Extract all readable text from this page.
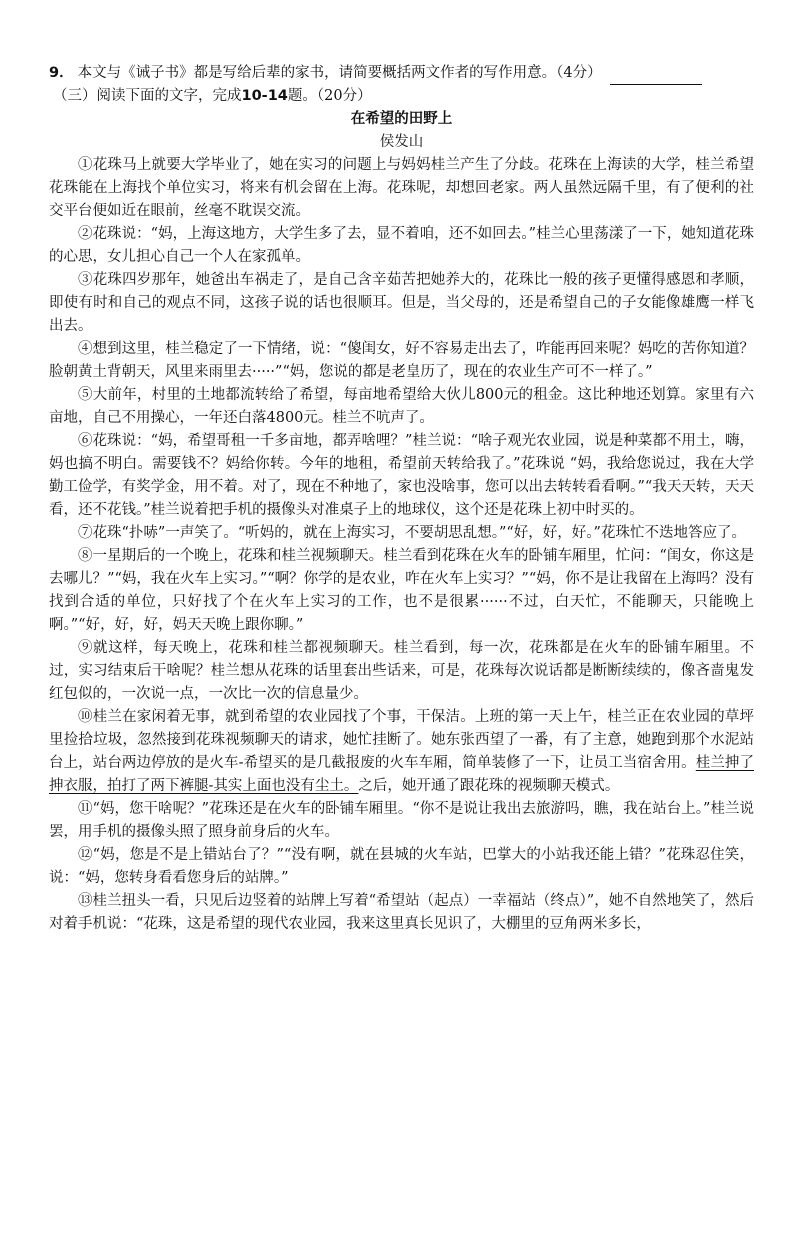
9． 本文与《诫子书》都是写给后辈的家书，请简要概括两文作者的写作用意。（4分）

（三）阅读下面的文字，完成10-14题。（20分）

在希望的田野上

侯发山

①花珠马上就要大学毕业了，她在实习的问题上与妈妈桂兰产生了分歧。花珠在上海读的大学，桂兰希望花珠能在上海找个单位实习，将来有机会留在上海。花珠呢，却想回老家。两人虽然远隔千里，有了便利的社交平台便如近在眼前，丝毫不耽误交流。

②花珠说：“妈，上海这地方，大学生多了去，显不着咱，还不如回去。”桂兰心里荡漾了一下，她知道花珠的心思，女儿担心自己一个人在家孤单。

③花珠四岁那年，她爸出车祸走了，是自己含辛茹苦把她养大的，花珠比一般的孩子更懂得感恩和孝顺，即使有时和自己的观点不同，这孩子说的话也很顺耳。但是，当父母的，还是希望自己的子女能像雄鹰一样飞出去。

④想到这里，桂兰稳定了一下情绪，说：“傻闺女，好不容易走出去了，咋能再回来呢？妈吃的苦你知道？脸朝黄土背朝天，风里来雨里去·····”“妈，您说的都是老皇历了，现在的农业生产可不一样了。”

⑤大前年，村里的土地都流转给了希望，每亩地希望给大伙儿800元的租金。这比种地还划算。家里有六亩地，自己不用操心，一年还白落4800元。桂兰不吭声了。

⑥花珠说：“妈，希望哥租一千多亩地，都弄啥哩？”桂兰说：“啥子观光农业园，说是种菜都不用土，嗨，妈也搞不明白。需要钱不？妈给你转。今年的地租，希望前天转给我了。”花珠说 “妈，我给您说过，我在大学勤工俭学，有奖学金，用不着。对了，现在不种地了，家也没啥事，您可以出去转转看看啊。”“我天天转，天天看，还不花钱。”桂兰说着把手机的摄像头对准桌子上的地球仪，这个还是花珠上初中时买的。

⑦花珠“扑哧”一声笑了。“听妈的，就在上海实习，不要胡思乱想。”“好，好，好。”花珠忙不迭地答应了。

⑧一星期后的一个晚上，花珠和桂兰视频聊天。桂兰看到花珠在火车的卧铺车厢里，忙问：“闺女，你这是去哪儿？”“妈，我在火车上实习。”“啊？你学的是农业，咋在火车上实习？”“妈，你不是让我留在上海吗？没有找到合适的单位，只好找了个在火车上实习的工作，也不是很累······不过，白天忙，不能聊天，只能晚上啊。”“好，好，好，妈天天晚上跟你聊。”

⑨就这样，每天晚上，花珠和桂兰都视频聊天。桂兰看到，每一次，花珠都是在火车的卧铺车厢里。不过，实习结束后干啥呢？桂兰想从花珠的话里套出些话来，可是，花珠每次说话都是断断续续的，像吝啬鬼发红包似的，一次说一点，一次比一次的信息量少。

⑩桂兰在家闲着无事，就到希望的农业园找了个事，干保洁。上班的第一天上午，桂兰正在农业园的草坪里捡拾垃圾，忽然接到花珠视频聊天的请求，她忙挂断了。她东张西望了一番，有了主意，她跑到那个水泥站台上，站台两边停放的是火车-希望买的是几截报废的火车车厢，简单装修了一下，让员工当宿舍用。桂兰抻了抻衣服，拍打了两下裤腿-其实上面也没有尘土。之后，她开通了跟花珠的视频聊天模式。

⑪“妈，您干啥呢？”花珠还是在火车的卧铺车厢里。“你不是说让我出去旅游吗，瞧，我在站台上。”桂兰说罢，用手机的摄像头照了照身前身后的火车。

⑫“妈，您是不是上错站台了？”“没有啊，就在县城的火车站，巴掌大的小站我还能上错？”花珠忍住笑，说：“妈，您转身看看您身后的站牌。”

⑬桂兰扭头一看，只见后边竖着的站牌上写着“希望站（起点）一幸福站（终点）”，她不自然地笑了，然后对着手机说：“花珠，这是希望的现代农业园，我来这里真长见识了，大棚里的豆角两米多长，
